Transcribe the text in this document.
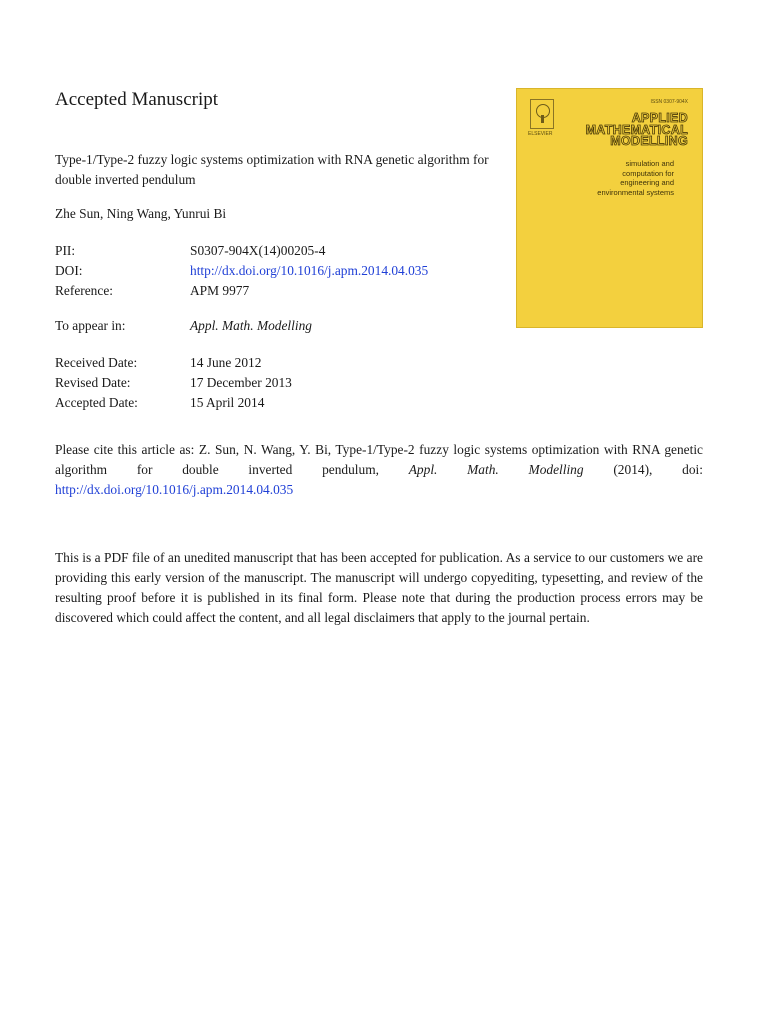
Accepted Manuscript
Type-1/Type-2 fuzzy logic systems optimization with RNA genetic algorithm for double inverted pendulum
Zhe Sun, Ning Wang, Yunrui Bi
PII:	S0307-904X(14)00205-4
DOI:	http://dx.doi.org/10.1016/j.apm.2014.04.035
Reference:	APM 9977
To appear in:	Appl. Math. Modelling
Received Date:	14 June 2012
Revised Date:	17 December 2013
Accepted Date:	15 April 2014
Please cite this article as: Z. Sun, N. Wang, Y. Bi, Type-1/Type-2 fuzzy logic systems optimization with RNA genetic algorithm for double inverted pendulum, Appl. Math. Modelling (2014), doi: http://dx.doi.org/10.1016/j.apm.2014.04.035
This is a PDF file of an unedited manuscript that has been accepted for publication. As a service to our customers we are providing this early version of the manuscript. The manuscript will undergo copyediting, typesetting, and review of the resulting proof before it is published in its final form. Please note that during the production process errors may be discovered which could affect the content, and all legal disclaimers that apply to the journal pertain.
ELSEVIER
ISSN 0307-904X
APPLIED
MATHEMATICAL
MODELLING
simulation and
computation for
engineering and
environmental systems
